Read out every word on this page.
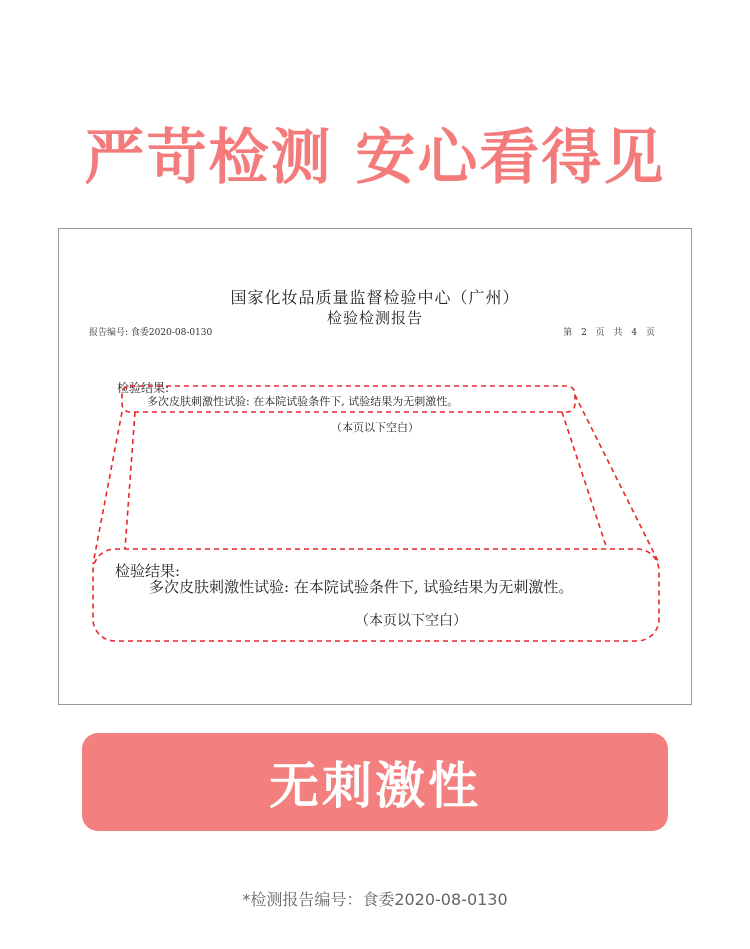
严苛检测 安心看得见
国家化妆品质量监督检验中心（广州）
检验检测报告
报告编号: 食委2020-08-0130	第 2 页 共 4 页
检验结果:
多次皮肤刺激性试验: 在本院试验条件下, 试验结果为无刺激性。
（本页以下空白）
检验结果:
多次皮肤刺激性试验: 在本院试验条件下, 试验结果为无刺激性。
（本页以下空白）
无刺激性
*检测报告编号：食委2020-08-0130
